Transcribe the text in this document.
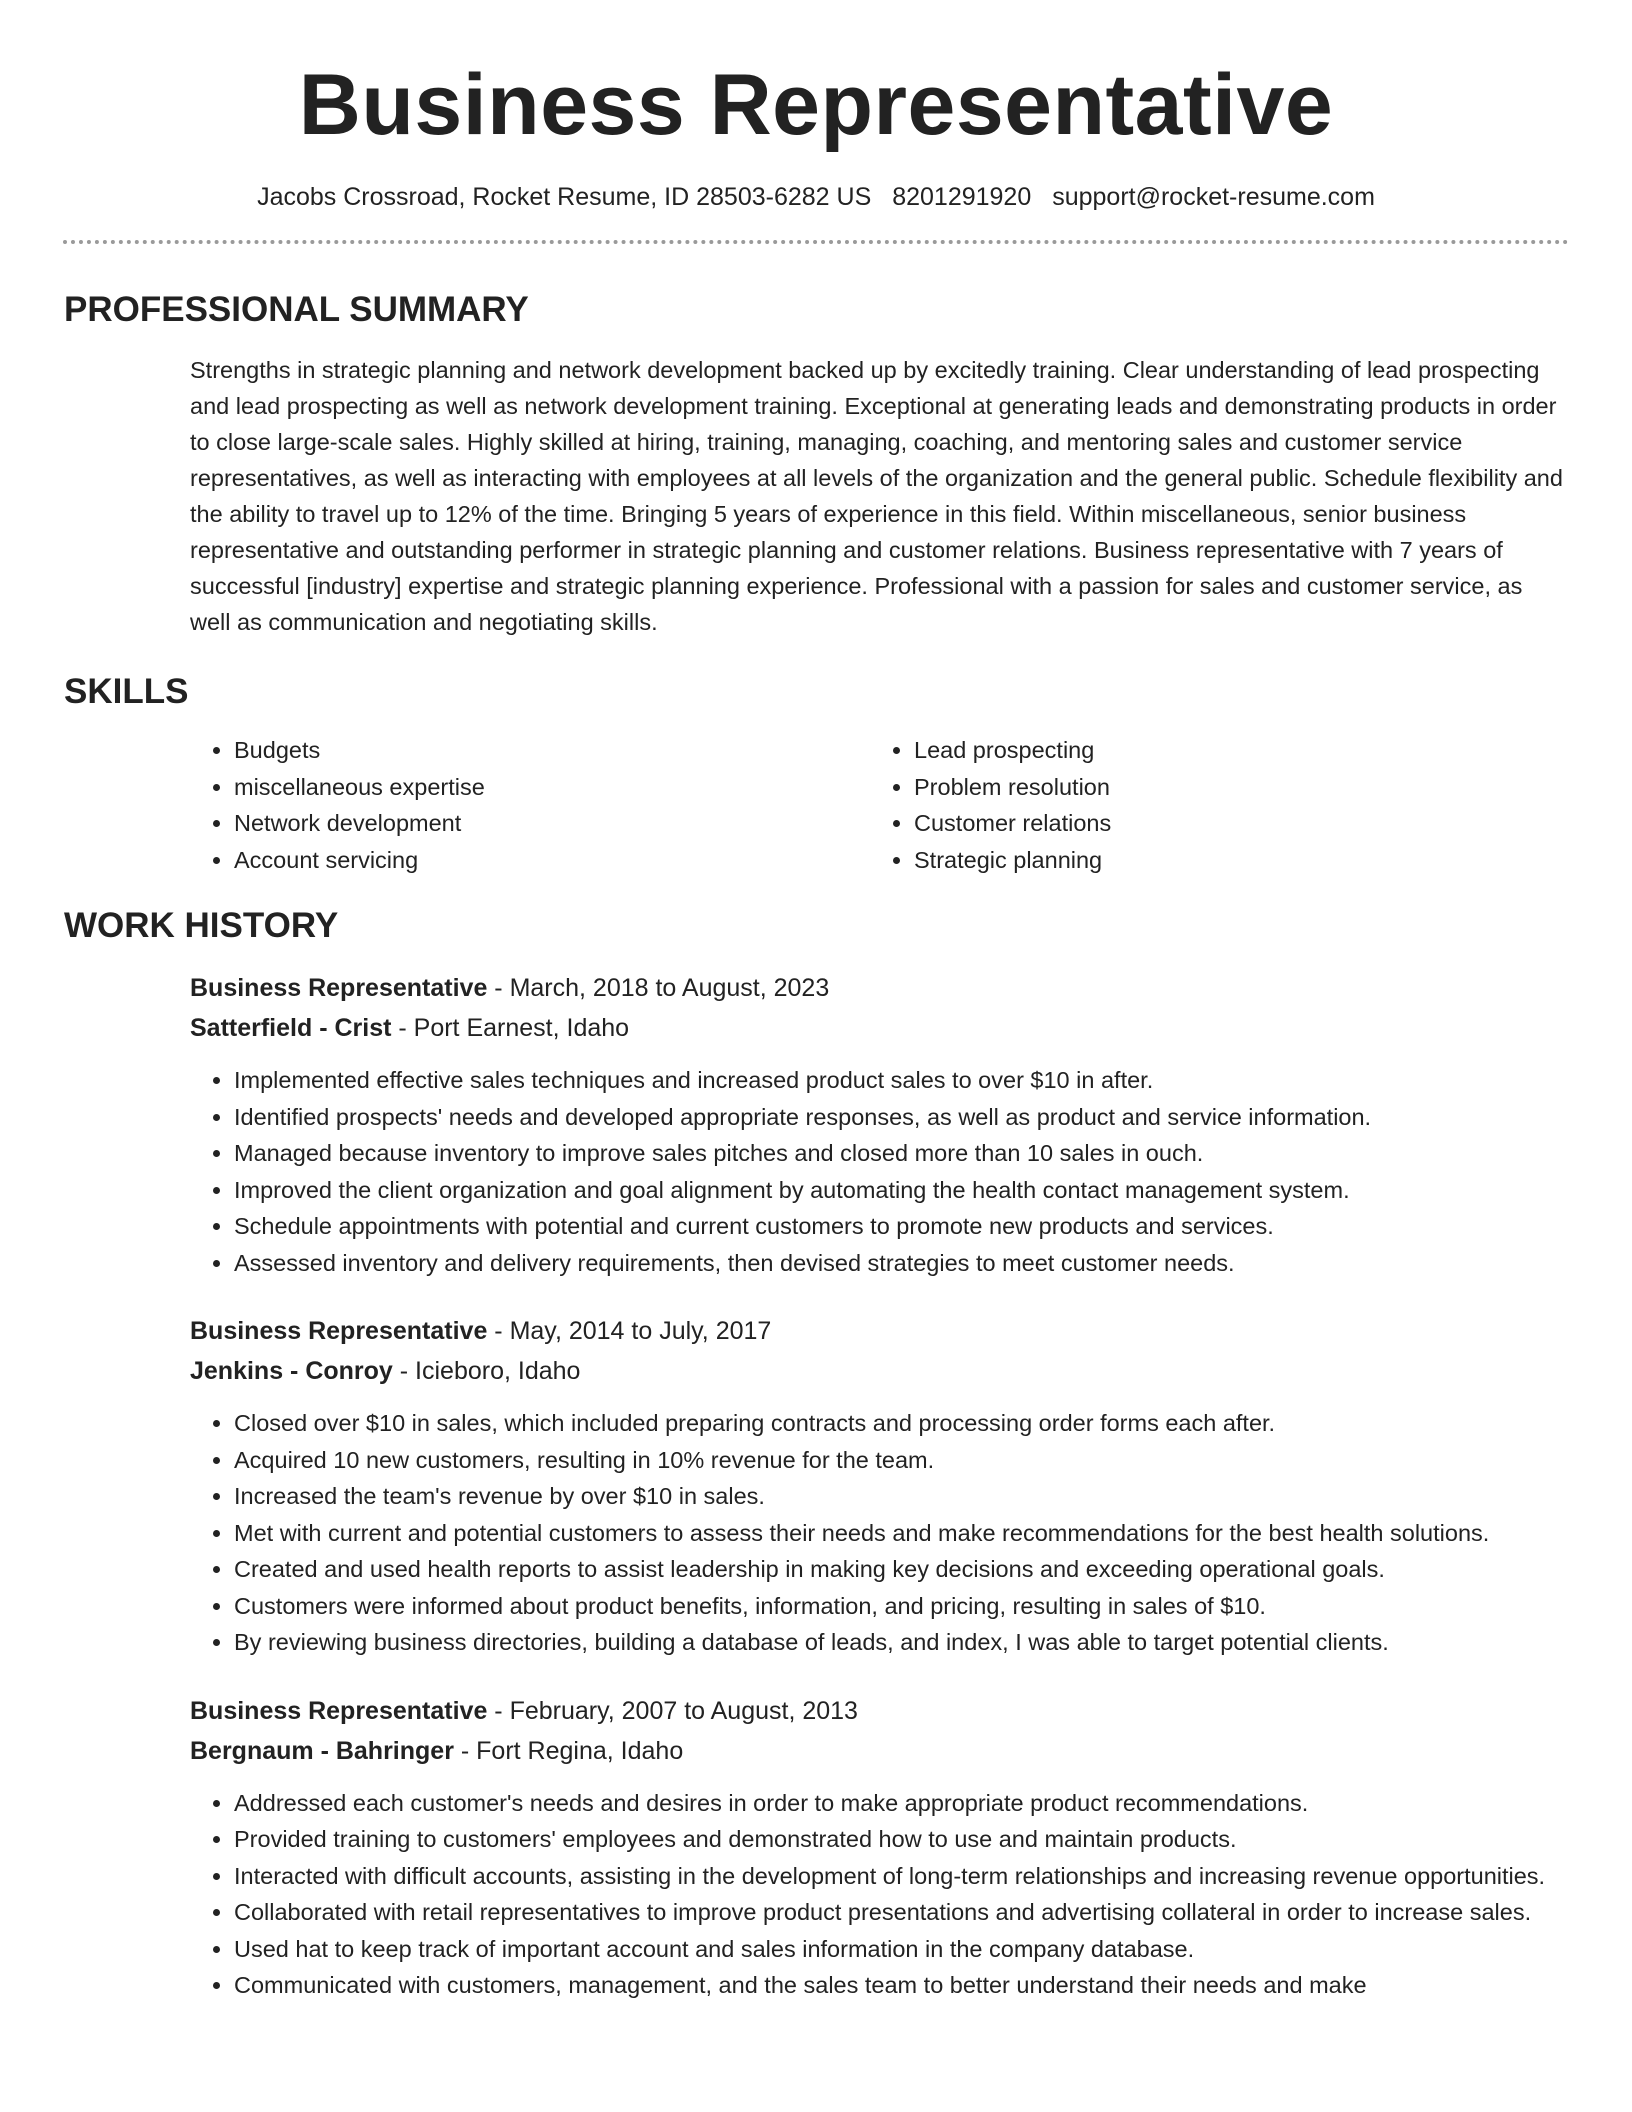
Business Representative
Jacobs Crossroad, Rocket Resume, ID 28503-6282 US 8201291920 support@rocket-resume.com
PROFESSIONAL SUMMARY

Strengths in strategic planning and network development backed up by excitedly training. Clear understanding of lead prospecting and lead prospecting as well as network development training. Exceptional at generating leads and demonstrating products in order to close large-scale sales. Highly skilled at hiring, training, managing, coaching, and mentoring sales and customer service representatives, as well as interacting with employees at all levels of the organization and the general public. Schedule flexibility and the ability to travel up to 12% of the time. Bringing 5 years of experience in this field. Within miscellaneous, senior business representative and outstanding performer in strategic planning and customer relations. Business representative with 7 years of successful [industry] expertise and strategic planning experience. Professional with a passion for sales and customer service, as well as communication and negotiating skills.

SKILLS
• Budgets
• miscellaneous expertise
• Network development
• Account servicing
• Lead prospecting
• Problem resolution
• Customer relations
• Strategic planning
WORK HISTORY
Business Representative - March, 2018 to August, 2023
Satterfield - Crist - Port Earnest, Idaho
• Implemented effective sales techniques and increased product sales to over $10 in after.
• Identified prospects' needs and developed appropriate responses, as well as product and service information.
• Managed because inventory to improve sales pitches and closed more than 10 sales in ouch.
• Improved the client organization and goal alignment by automating the health contact management system.
• Schedule appointments with potential and current customers to promote new products and services.
• Assessed inventory and delivery requirements, then devised strategies to meet customer needs.
Business Representative - May, 2014 to July, 2017
Jenkins - Conroy - Icieboro, Idaho
• Closed over $10 in sales, which included preparing contracts and processing order forms each after.
• Acquired 10 new customers, resulting in 10% revenue for the team.
• Increased the team's revenue by over $10 in sales.
• Met with current and potential customers to assess their needs and make recommendations for the best health solutions.
• Created and used health reports to assist leadership in making key decisions and exceeding operational goals.
• Customers were informed about product benefits, information, and pricing, resulting in sales of $10.
• By reviewing business directories, building a database of leads, and index, I was able to target potential clients.
Business Representative - February, 2007 to August, 2013
Bergnaum - Bahringer - Fort Regina, Idaho
• Addressed each customer's needs and desires in order to make appropriate product recommendations.
• Provided training to customers' employees and demonstrated how to use and maintain products.
• Interacted with difficult accounts, assisting in the development of long-term relationships and increasing revenue opportunities.
• Collaborated with retail representatives to improve product presentations and advertising collateral in order to increase sales.
• Used hat to keep track of important account and sales information in the company database.
• Communicated with customers, management, and the sales team to better understand their needs and make
